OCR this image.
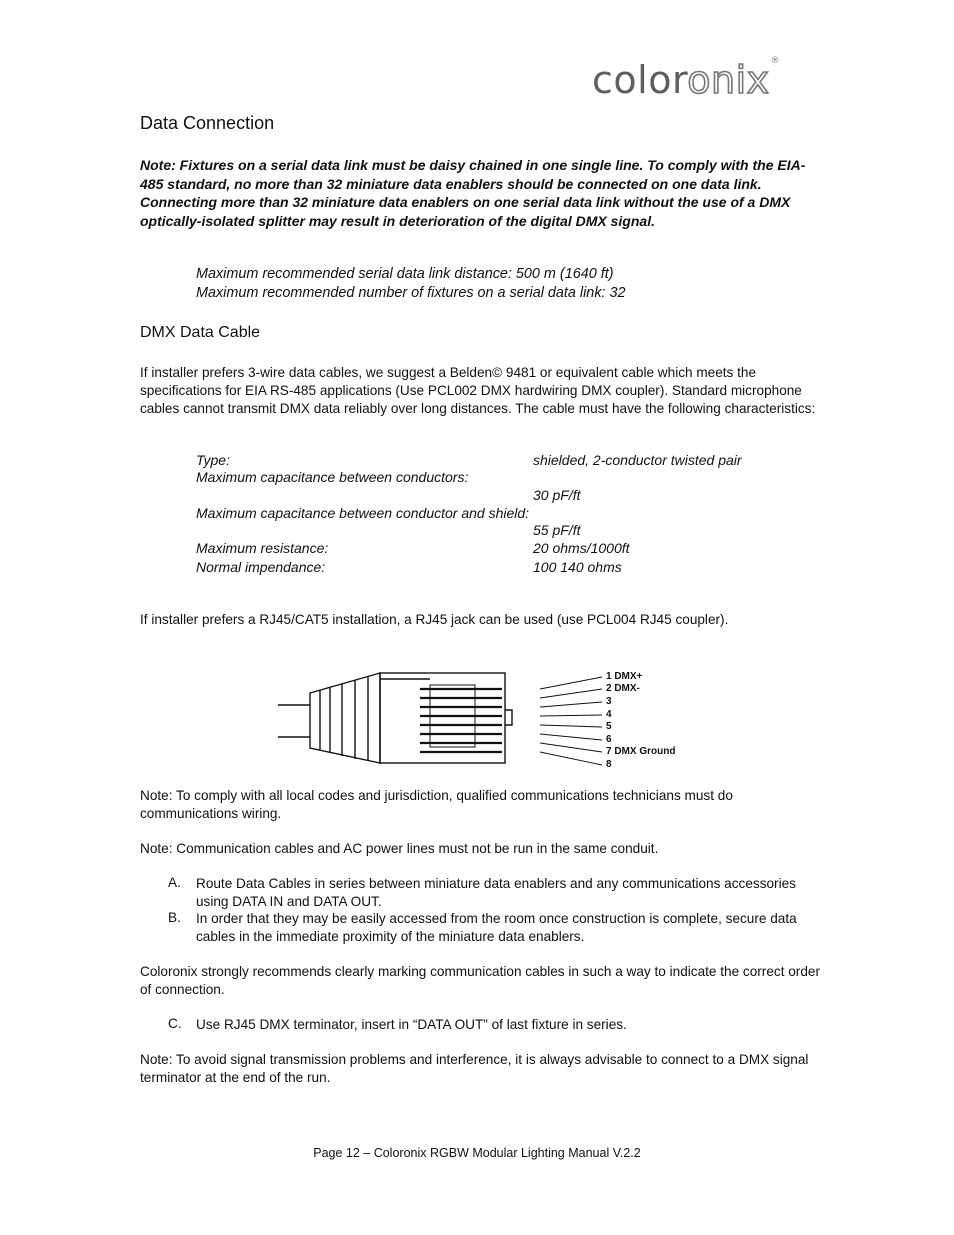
coloronix®
Data Connection
Note: Fixtures on a serial data link must be daisy chained in one single line. To comply with the EIA-485 standard, no more than 32 miniature data enablers should be connected on one data link. Connecting more than 32 miniature data enablers on one serial data link without the use of a DMX optically-isolated splitter may result in deterioration of the digital DMX signal.
Maximum recommended serial data link distance: 500 m (1640 ft)
Maximum recommended number of fixtures on a serial data link: 32
DMX Data Cable
If installer prefers 3-wire data cables, we suggest a Belden© 9481 or equivalent cable which meets the specifications for EIA RS-485 applications (Use PCL002 DMX hardwiring DMX coupler). Standard microphone cables cannot transmit DMX data reliably over long distances. The cable must have the following characteristics:
Type:	shielded, 2-conductor twisted pair
Maximum capacitance between conductors:
30 pF/ft
Maximum capacitance between conductor and shield:
55 pF/ft
Maximum resistance:	20 ohms/1000ft
Normal impendance:	100 140 ohms
If installer prefers a RJ45/CAT5 installation, a RJ45 jack can be used (use PCL004 RJ45 coupler).
1 DMX+
2 DMX-
3
4
5
6
7 DMX Ground
8
Note: To comply with all local codes and jurisdiction, qualified communications technicians must do communications wiring.
Note: Communication cables and AC power lines must not be run in the same conduit.
A. Route Data Cables in series between miniature data enablers and any communications accessories using DATA IN and DATA OUT.
B. In order that they may be easily accessed from the room once construction is complete, secure data cables in the immediate proximity of the miniature data enablers.
Coloronix strongly recommends clearly marking communication cables in such a way to indicate the correct order of connection.
C. Use RJ45 DMX terminator, insert in “DATA OUT” of last fixture in series.
Note: To avoid signal transmission problems and interference, it is always advisable to connect to a DMX signal terminator at the end of the run.
Page 12 – Coloronix RGBW Modular Lighting Manual V.2.2
